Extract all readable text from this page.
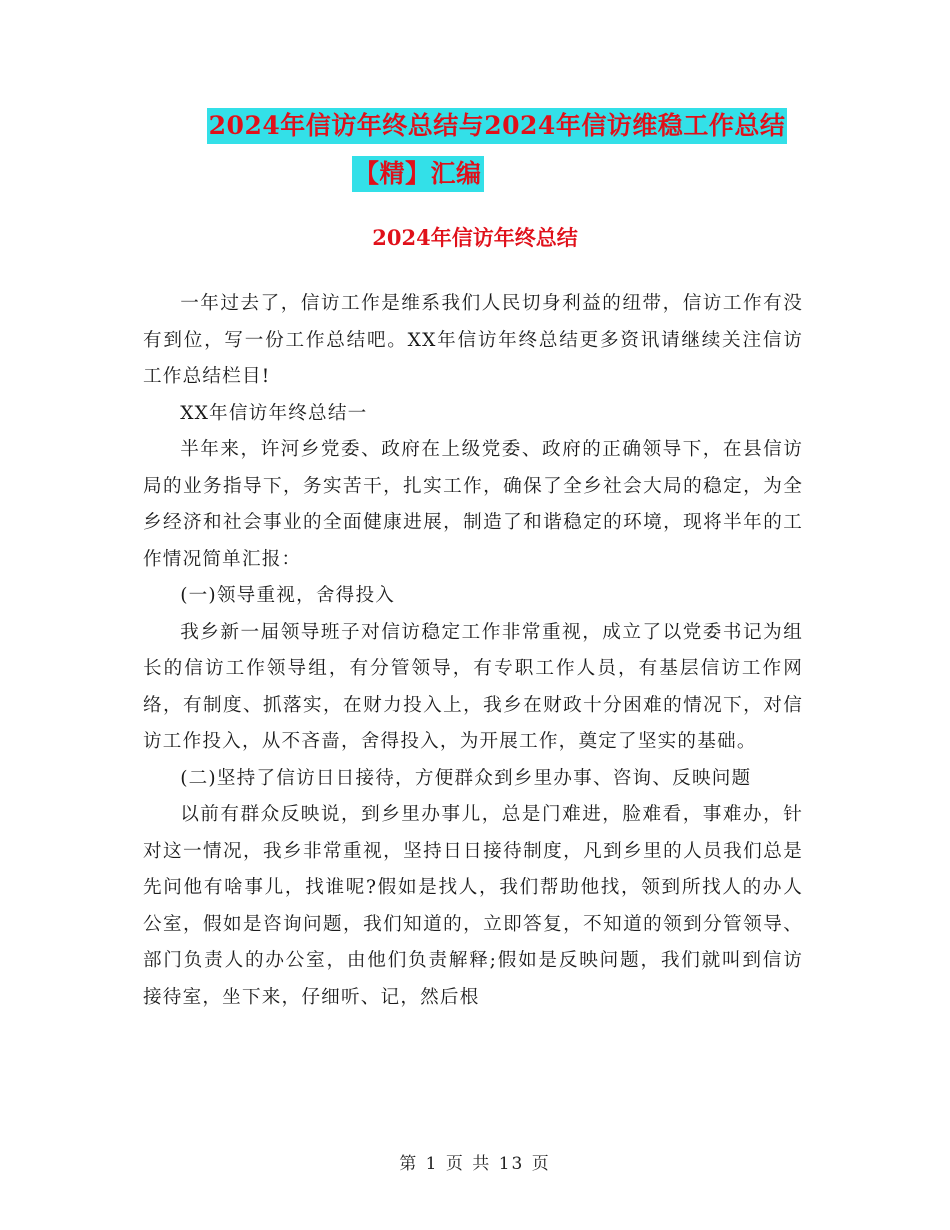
2024年信访年终总结与2024年信访维稳工作总结
【精】汇编
2024年信访年终总结

一年过去了，信访工作是维系我们人民切身利益的纽带，信访工作有没有到位，写一份工作总结吧。XX年信访年终总结更多资讯请继续关注信访工作总结栏目!

XX年信访年终总结一

半年来，许河乡党委、政府在上级党委、政府的正确领导下，在县信访局的业务指导下，务实苦干，扎实工作，确保了全乡社会大局的稳定，为全乡经济和社会事业的全面健康进展，制造了和谐稳定的环境，现将半年的工作情况简单汇报：

(一)领导重视，舍得投入

我乡新一届领导班子对信访稳定工作非常重视，成立了以党委书记为组长的信访工作领导组，有分管领导，有专职工作人员，有基层信访工作网络，有制度、抓落实，在财力投入上，我乡在财政十分困难的情况下，对信访工作投入，从不吝啬，舍得投入，为开展工作，奠定了坚实的基础。

(二)坚持了信访日日接待，方便群众到乡里办事、咨询、反映问题

以前有群众反映说，到乡里办事儿，总是门难进，脸难看，事难办，针对这一情况，我乡非常重视，坚持日日接待制度，凡到乡里的人员我们总是先问他有啥事儿，找谁呢?假如是找人，我们帮助他找，领到所找人的办人公室，假如是咨询问题，我们知道的，立即答复，不知道的领到分管领导、部门负责人的办公室，由他们负责解释;假如是反映问题，我们就叫到信访接待室，坐下来，仔细听、记，然后根

第 1 页 共 13 页
